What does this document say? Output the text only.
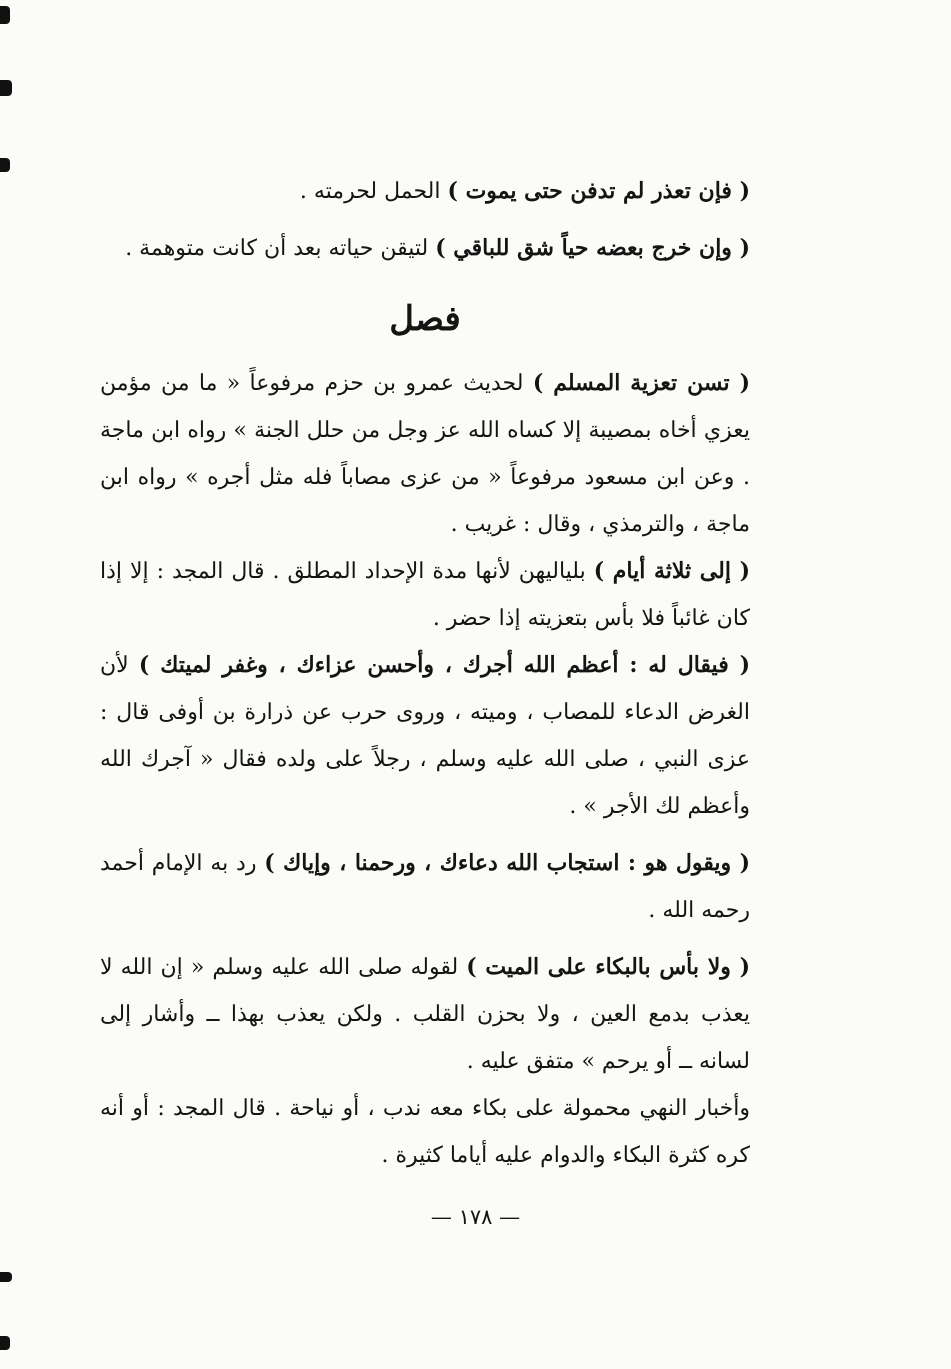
( فإن تعذر لم تدفن حتى يموت ) الحمل لحرمته .

( وإن خرج بعضه حياً شق للباقي ) لتيقن حياته بعد أن كانت متوهمة .

فصل

( تسن تعزية المسلم ) لحديث عمرو بن حزم مرفوعاً « ما من مؤمن يعزي أخاه بمصيبة إلا كساه الله عز وجل من حلل الجنة » رواه ابن ماجة . وعن ابن مسعود مرفوعاً « من عزى مصاباً فله مثل أجره » رواه ابن ماجة ، والترمذي ، وقال : غريب .

( إلى ثلاثة أيام ) بلياليهن لأنها مدة الإحداد المطلق . قال المجد : إلا إذا كان غائباً فلا بأس بتعزيته إذا حضر .

( فيقال له : أعظم الله أجرك ، وأحسن عزاءك ، وغفر لميتك ) لأن الغرض الدعاء للمصاب ، وميته ، وروى حرب عن ذرارة بن أوفى قال : عزى النبي ، صلى الله عليه وسلم ، رجلاً على ولده فقال « آجرك الله وأعظم لك الأجر » .

( ويقول هو : استجاب الله دعاءك ، ورحمنا ، وإياك ) رد به الإمام أحمد رحمه الله .

( ولا بأس بالبكاء على الميت ) لقوله صلى الله عليه وسلم « إن الله لا يعذب بدمع العين ، ولا بحزن القلب . ولكن يعذب بهذا ــ وأشار إلى لسانه ــ أو يرحم » متفق عليه .

وأخبار النهي محمولة على بكاء معه ندب ، أو نياحة . قال المجد : أو أنه كره كثرة البكاء والدوام عليه أياما كثيرة .

— ١٧٨ —
